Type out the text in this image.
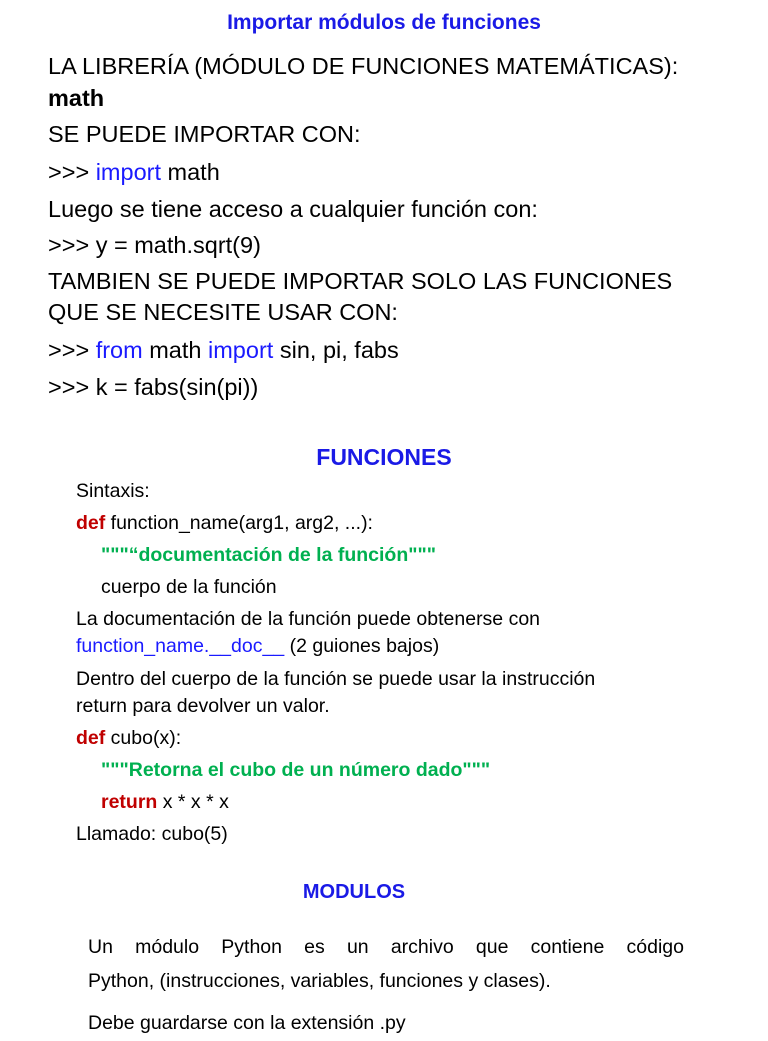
Importar módulos de funciones
LA LIBRERÍA (MÓDULO DE FUNCIONES MATEMÁTICAS):
math
SE PUEDE IMPORTAR CON:
>>> import math
Luego se tiene acceso a cualquier función con:
>>> y = math.sqrt(9)
TAMBIEN SE PUEDE IMPORTAR SOLO LAS FUNCIONES
QUE SE NECESITE USAR CON:
>>> from math import sin, pi, fabs
>>> k = fabs(sin(pi))
FUNCIONES
Sintaxis:
def function_name(arg1, arg2, ...):
"""“documentación de la función"""
cuerpo de la función
La documentación de la función puede obtenerse con
function_name.__doc__ (2 guiones bajos)
Dentro del cuerpo de la función se puede usar la instrucción
return para devolver un valor.
def cubo(x):
"""Retorna el cubo de un número dado"""
return x * x * x
Llamado: cubo(5)
MODULOS
Un módulo Python es un archivo que contiene código
Python, (instrucciones, variables, funciones y clases).
Debe guardarse con la extensión .py
